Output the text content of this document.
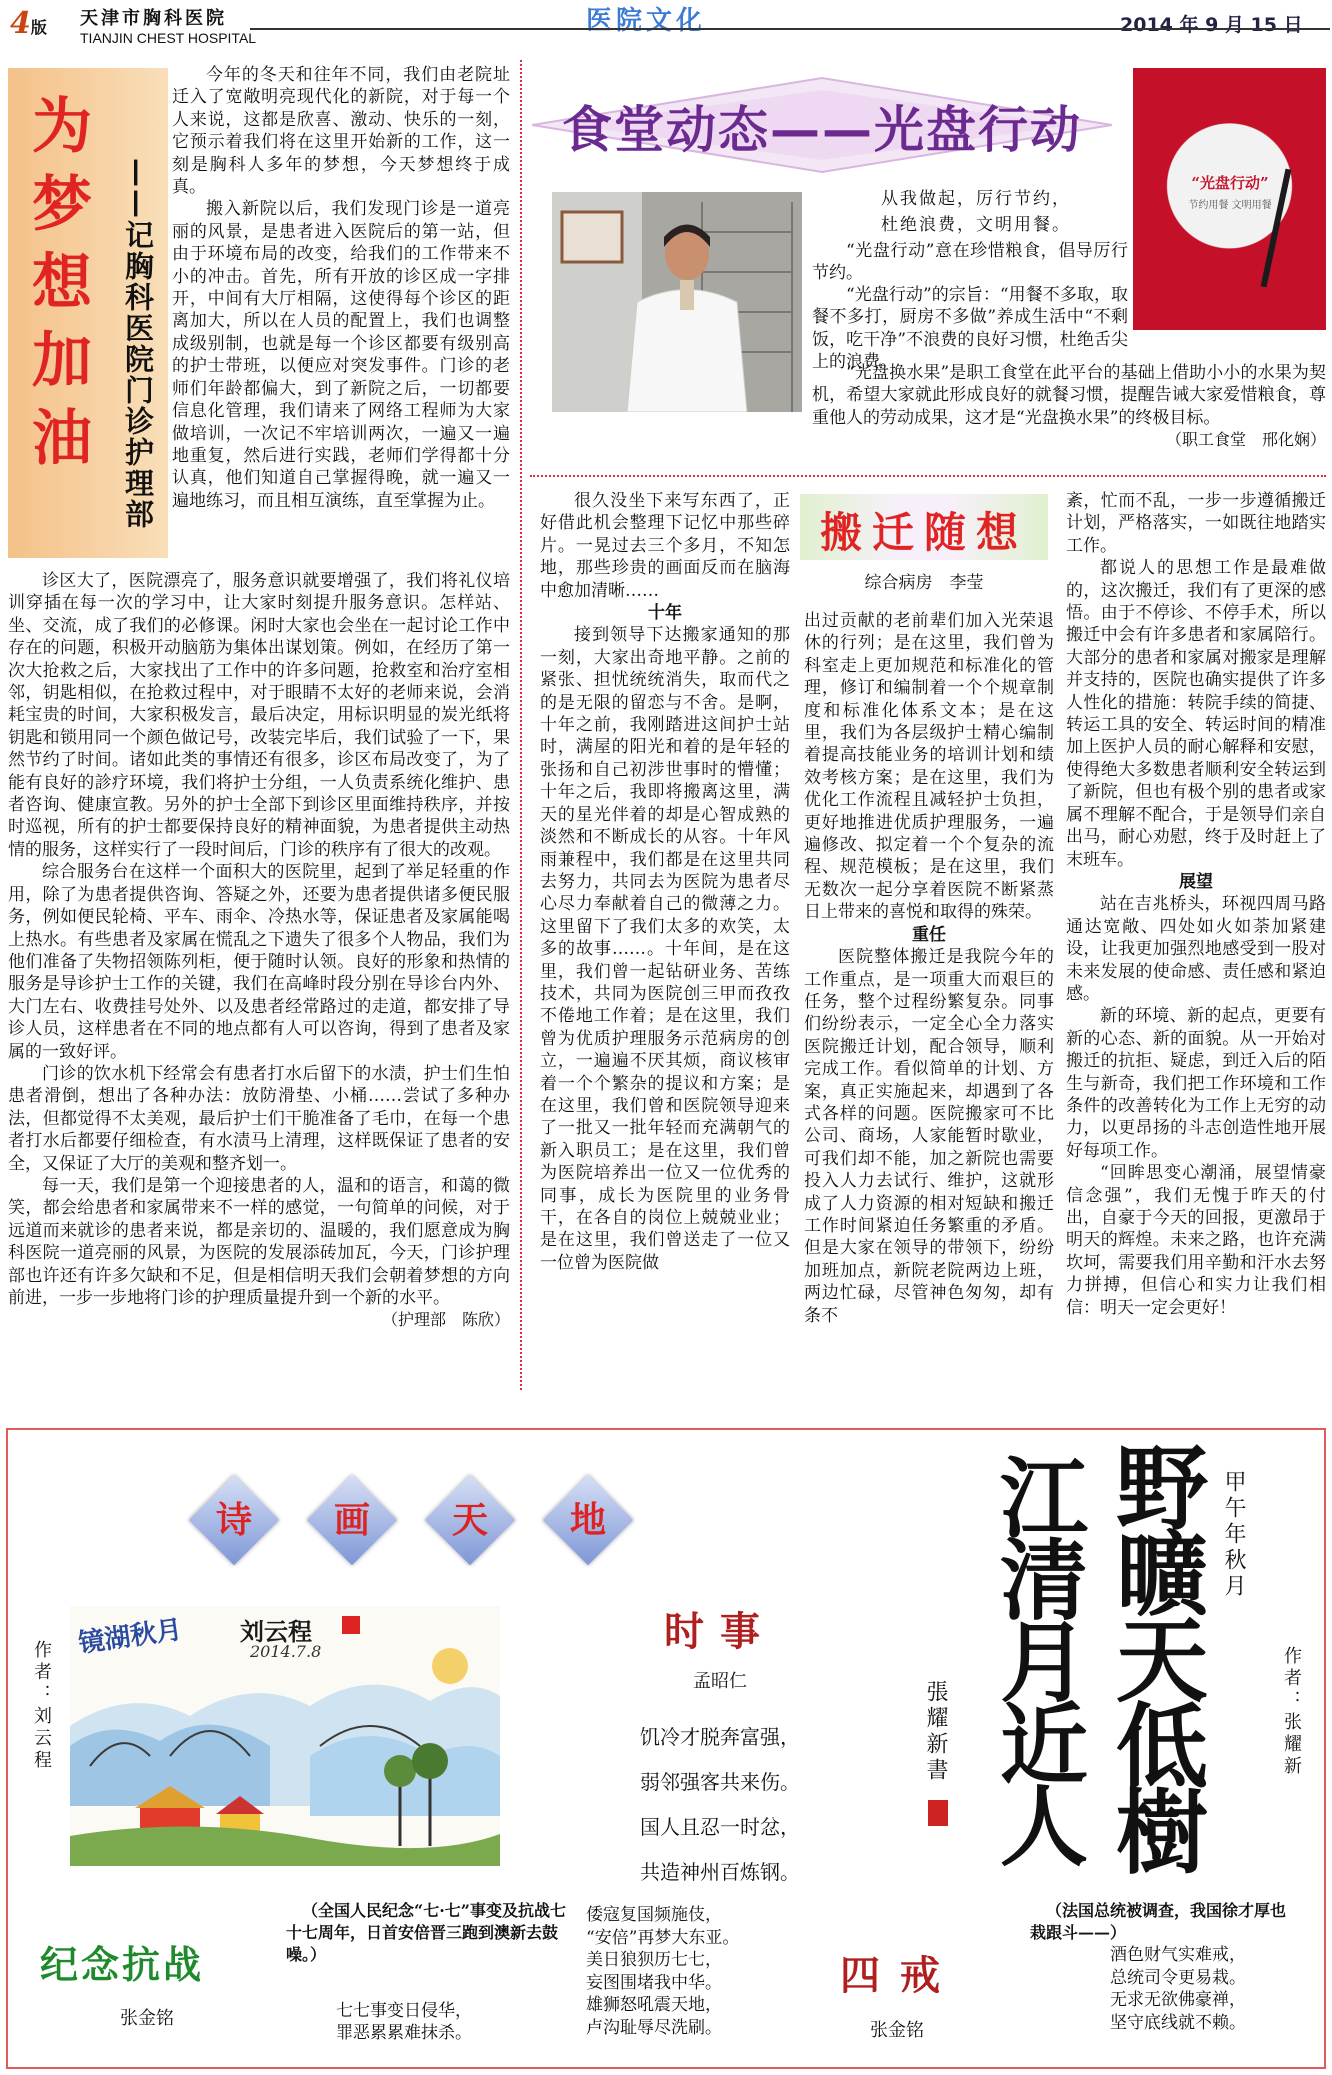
4版 天津市胸科医院
TIANJIN CHEST HOSPITAL
医院文化	2014 年 9 月 15 日
为梦想加油 ——记胸科医院门诊护理部

今年的冬天和往年不同，我们由老院址迁入了宽敞明亮现代化的新院，对于每一个人来说，这都是欣喜、激动、快乐的一刻，它预示着我们将在这里开始新的工作，这一刻是胸科人多年的梦想，今天梦想终于成真。

搬入新院以后，我们发现门诊是一道亮丽的风景，是患者进入医院后的第一站，但由于环境布局的改变，给我们的工作带来不小的冲击。首先，所有开放的诊区成一字排开，中间有大厅相隔，这使得每个诊区的距离加大，所以在人员的配置上，我们也调整成级别制，也就是每一个诊区都要有级别高的护士带班，以便应对突发事件。门诊的老师们年龄都偏大，到了新院之后，一切都要信息化管理，我们请来了网络工程师为大家做培训，一次记不牢培训两次，一遍又一遍地重复，然后进行实践，老师们学得都十分认真，他们知道自己掌握得晚，就一遍又一遍地练习，而且相互演练，直至掌握为止。

诊区大了，医院漂亮了，服务意识就要增强了，我们将礼仪培训穿插在每一次的学习中，让大家时刻提升服务意识。怎样站、坐、交流，成了我们的必修课。闲时大家也会坐在一起讨论工作中存在的问题，积极开动脑筋为集体出谋划策。例如，在经历了第一次大抢救之后，大家找出了工作中的许多问题，抢救室和治疗室相邻，钥匙相似，在抢救过程中，对于眼睛不太好的老师来说，会消耗宝贵的时间，大家积极发言，最后决定，用标识明显的炭光纸将钥匙和锁用同一个颜色做记号，改装完毕后，我们试验了一下，果然节约了时间。诸如此类的事情还有很多，诊区布局改变了，为了能有良好的診疗环境，我们将护士分组，一人负责系统化维护、患者咨询、健康宣教。另外的护士全部下到诊区里面维持秩序，并按时巡视，所有的护士都要保持良好的精神面貌，为患者提供主动热情的服务，这样实行了一段时间后，门诊的秩序有了很大的改观。

综合服务台在这样一个面积大的医院里，起到了举足轻重的作用，除了为患者提供咨询、答疑之外，还要为患者提供诸多便民服务，例如便民轮椅、平车、雨伞、冷热水等，保证患者及家属能喝上热水。有些患者及家属在慌乱之下遗失了很多个人物品，我们为他们准备了失物招领陈列柜，便于随时认领。良好的形象和热情的服务是导诊护士工作的关键，我们在高峰时段分别在导诊台内外、大门左右、收费挂号处外、以及患者经常路过的走道，都安排了导诊人员，这样患者在不同的地点都有人可以咨询，得到了患者及家属的一致好评。

门诊的饮水机下经常会有患者打水后留下的水渍，护士们生怕患者滑倒，想出了各种办法：放防滑垫、小桶……尝试了多种办法，但都觉得不太美观，最后护士们干脆准备了毛巾，在每一个患者打水后都要仔细检查，有水渍马上清理，这样既保证了患者的安全，又保证了大厅的美观和整齐划一。

每一天，我们是第一个迎接患者的人，温和的语言，和蔼的微笑，都会给患者和家属带来不一样的感觉，一句简单的问候，对于远道而来就诊的患者来说，都是亲切的、温暖的，我们愿意成为胸科医院一道亮丽的风景，为医院的发展添砖加瓦，今天，门诊护理部也许还有许多欠缺和不足，但是相信明天我们会朝着梦想的方向前进，一步一步地将门诊的护理质量提升到一个新的水平。

（护理部　陈欣）
食堂动态——光盘行动
“光盘行动”
节约用餐 文明用餐
从我做起，厉行节约，
杜绝浪费，文明用餐。

“光盘行动”意在珍惜粮食，倡导厉行节约。

“光盘行动”的宗旨：“用餐不多取，取餐不多打，厨房不多做”养成生活中“不剩饭，吃干净”不浪费的良好习惯，杜绝舌尖上的浪费。

“光盘换水果”是职工食堂在此平台的基础上借助小小的水果为契机，希望大家就此形成良好的就餐习惯，提醒告诫大家爱惜粮食，尊重他人的劳动成果，这才是“光盘换水果”的终极目标。

（职工食堂　邢化娴）

很久没坐下来写东西了，正好借此机会整理下记忆中那些碎片。一晃过去三个多月，不知怎地，那些珍贵的画面反而在脑海中愈加清晰……

十年

接到领导下达搬家通知的那一刻，大家出奇地平静。之前的紧张、担忧统统消失，取而代之的是无限的留恋与不舍。是啊，十年之前，我刚踏进这间护士站时，满屋的阳光和着的是年轻的张扬和自己初涉世事时的懵懂；十年之后，我即将搬离这里，满天的星光伴着的却是心智成熟的淡然和不断成长的从容。十年风雨兼程中，我们都是在这里共同去努力，共同去为医院为患者尽心尽力奉献着自己的微薄之力。这里留下了我们太多的欢笑，太多的故事……。十年间，是在这里，我们曾一起钻研业务、苦练技术，共同为医院创三甲而孜孜不倦地工作着；是在这里，我们曾为优质护理服务示范病房的创立，一遍遍不厌其烦，商议核审着一个个繁杂的提议和方案；是在这里，我们曾和医院领导迎来了一批又一批年轻而充满朝气的新入职员工；是在这里，我们曾为医院培养出一位又一位优秀的同事，成长为医院里的业务骨干，在各自的岗位上兢兢业业；是在这里，我们曾送走了一位又一位曾为医院做

搬迁随想
综合病房　李莹

出过贡献的老前辈们加入光荣退休的行列；是在这里，我们曾为科室走上更加规范和标准化的管理，修订和编制着一个个规章制度和标准化体系文本；是在这里，我们为各层级护士精心编制着提高技能业务的培训计划和绩效考核方案；是在这里，我们为优化工作流程且减轻护士负担，更好地推进优质护理服务，一遍遍修改、拟定着一个个复杂的流程、规范模板；是在这里，我们无数次一起分享着医院不断紧蒸日上带来的喜悦和取得的殊荣。

重任

医院整体搬迁是我院今年的工作重点，是一项重大而艰巨的任务，整个过程纷繁复杂。同事们纷纷表示，一定全心全力落实医院搬迁计划，配合领导，顺利完成工作。看似简单的计划、方案，真正实施起来，却遇到了各式各样的问题。医院搬家可不比公司、商场，人家能暂时歇业，可我们却不能，加之新院也需要投入人力去试行、维护，这就形成了人力资源的相对短缺和搬迁工作时间紧迫任务繁重的矛盾。但是大家在领导的带领下，纷纷加班加点，新院老院两边上班，两边忙碌，尽管神色匆匆，却有条不

紊，忙而不乱，一步一步遵循搬迁计划，严格落实，一如既往地踏实工作。

都说人的思想工作是最难做的，这次搬迁，我们有了更深的感悟。由于不停诊、不停手术，所以搬迁中会有许多患者和家属陪行。大部分的患者和家属对搬家是理解并支持的，医院也确实提供了许多人性化的措施：转院手续的简捷、转运工具的安全、转运时间的精准加上医护人员的耐心解释和安慰，使得绝大多数患者顺利安全转运到了新院，但也有极个别的患者或家属不理解不配合，于是领导们亲自出马，耐心劝慰，终于及时赶上了末班车。

展望

站在吉兆桥头，环视四周马路通达宽敞、四处如火如荼加紧建设，让我更加强烈地感受到一股对未来发展的使命感、责任感和紧迫感。

新的环境、新的起点，更要有新的心态、新的面貌。从一开始对搬迁的抗拒、疑虑，到迁入后的陌生与新奇，我们把工作环境和工作条件的改善转化为工作上无穷的动力，以更昂扬的斗志创造性地开展好每项工作。

“回眸思变心潮涌，展望情豪信念强”，我们无愧于昨天的付出，自豪于今天的回报，更激昂于明天的辉煌。未来之路，也许充满坎坷，需要我们用辛勤和汗水去努力拼搏，但信心和实力让我们相信：明天一定会更好！

诗	画	天	地
镜湖秋月 刘云程
2014.7.8
作者：刘云程
时事
孟昭仁
饥冷才脱奔富强，
弱邻强客共来伤。
国人且忍一时忿，
共造神州百炼钢。
野曠天低樹
江清月近人	甲午年秋月
張耀新書	作者：张耀新
纪念抗战
张金铭
（全国人民纪念“七·七”事变及抗战七十七周年，日首安倍晋三跑到澳新去鼓噪。）
七七事变日侵华，
罪恶累累难抹杀。
倭寇复国频施伎，
“安倍”再梦大东亚。
美日狼狈历七七，
妄图围堵我中华。
雄狮怒吼震天地，
卢沟耻辱尽洗刷。
四戒
张金铭
（法国总统被调查，我国徐才厚也栽跟斗——）
酒色财气实难戒，
总统司令更易栽。
无求无欲佛豪禅，
坚守底线就不赖。
